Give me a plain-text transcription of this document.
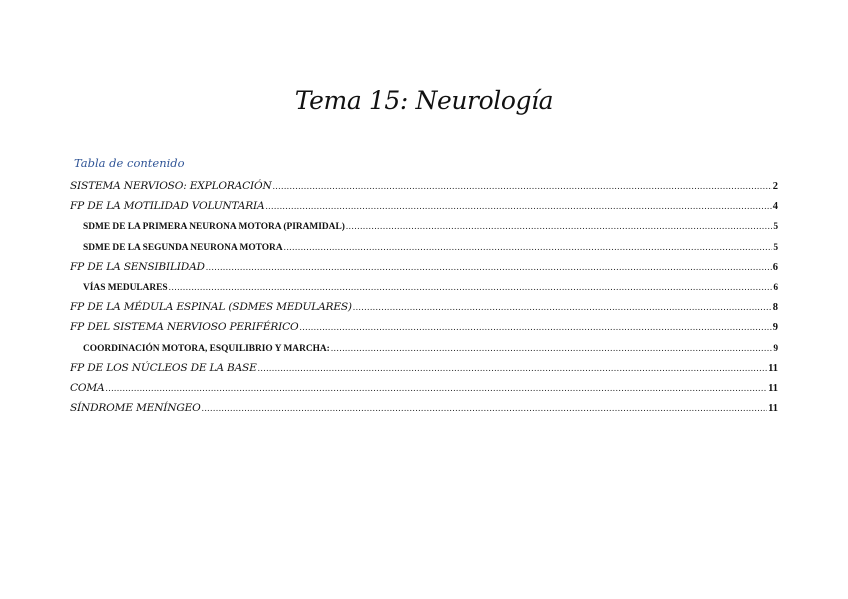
Tema 15: Neurología
Tabla de contenido
SISTEMA NERVIOSO: EXPLORACIÓN .....	2
FP DE LA MOTILIDAD VOLUNTARIA .....	4
SDME DE LA PRIMERA NEURONA MOTORA (PIRAMIDAL) .....	5
SDME DE LA SEGUNDA NEURONA MOTORA .....	5
FP DE LA SENSIBILIDAD .....	6
VÍAS MEDULARES .....	6
FP DE LA MÉDULA ESPINAL (SDMES MEDULARES) .....	8
FP DEL SISTEMA NERVIOSO PERIFÉRICO .....	9
COORDINACIÓN MOTORA, ESQUILIBRIO Y MARCHA: .....	9
FP DE LOS NÚCLEOS DE LA BASE .....	11
COMA .....	11
SÍNDROME MENÍNGEO .....	11
